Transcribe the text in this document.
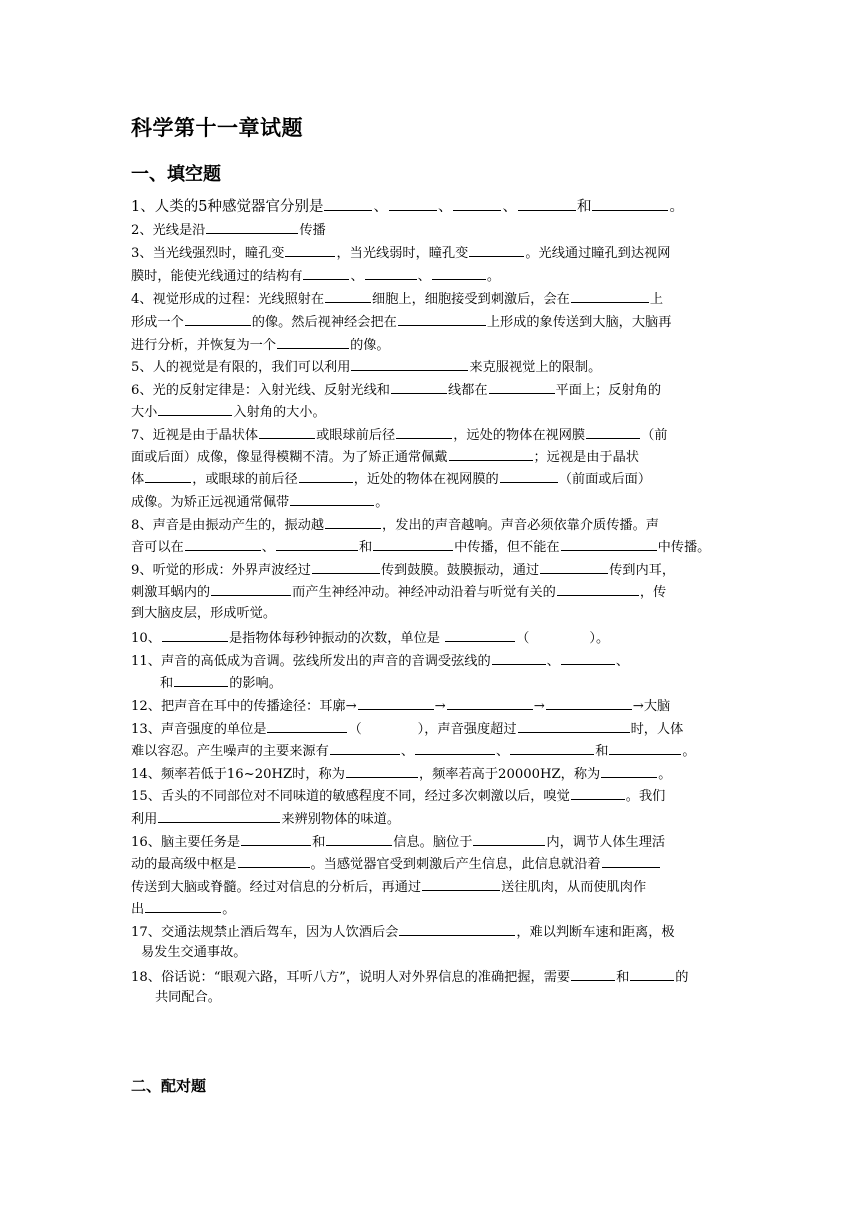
科学第十一章试题
一、填空题

1、人类的5种感觉器官分别是	、	、	、	和	。

2、光线是沿	传播

3、当光线强烈时，瞳孔变	，当光线弱时，瞳孔变	。光线通过瞳孔到达视网

膜时，能使光线通过的结构有	、	、	。

4、视觉形成的过程：光线照射在	细胞上，细胞接受到刺激后，会在	上

形成一个	的像。然后视神经会把在	上形成的象传送到大脑，大脑再

进行分析，并恢复为一个	的像。

5、人的视觉是有限的，我们可以利用	来克服视觉上的限制。

6、光的反射定律是：入射光线、反射光线和	线都在	平面上；反射角的

大小	入射角的大小。

7、近视是由于晶状体	或眼球前后径	，远处的物体在视网膜	（前

面或后面）成像，像显得模糊不清。为了矫正通常佩戴	；远视是由于晶状

体	，或眼球的前后径	，近处的物体在视网膜的	（前面或后面）

成像。为矫正远视通常佩带	。

8、声音是由振动产生的，振动越	，发出的声音越响。声音必须依靠介质传播。声

音可以在	、	和	中传播，但不能在	中传播。

9、听觉的形成：外界声波经过	传到鼓膜。鼓膜振动，通过	传到内耳，

刺激耳蜗内的	而产生神经冲动。神经冲动沿着与听觉有关的	，传

到大脑皮层，形成听觉。

10、	是指物体每秒钟振动的次数，单位是	（	）。

11、声音的高低成为音调。弦线所发出的声音的音调受弦线的	、	、

和	的影响。

12、把声音在耳中的传播途径：耳廓→	→	→	→大脑

13、声音强度的单位是	（	），声音强度超过	时，人体

难以容忍。产生噪声的主要来源有	、	、	和	。

14、频率若低于16~20HZ时，称为	，频率若高于20000HZ，称为	。

15、舌头的不同部位对不同味道的敏感程度不同，经过多次刺激以后，嗅觉	。我们

利用	来辨别物体的味道。

16、脑主要任务是	和	信息。脑位于	内，调节人体生理活

动的最高级中枢是	。当感觉器官受到刺激后产生信息，此信息就沿着

传送到大脑或脊髓。经过对信息的分析后，再通过	送往肌肉，从而使肌肉作

出	。

17、交通法规禁止酒后驾车，因为人饮酒后会	，难以判断车速和距离，极

易发生交通事故。

18、俗话说：“眼观六路，耳听八方”，说明人对外界信息的准确把握，需要	和	的

共同配合。

二、配对题
